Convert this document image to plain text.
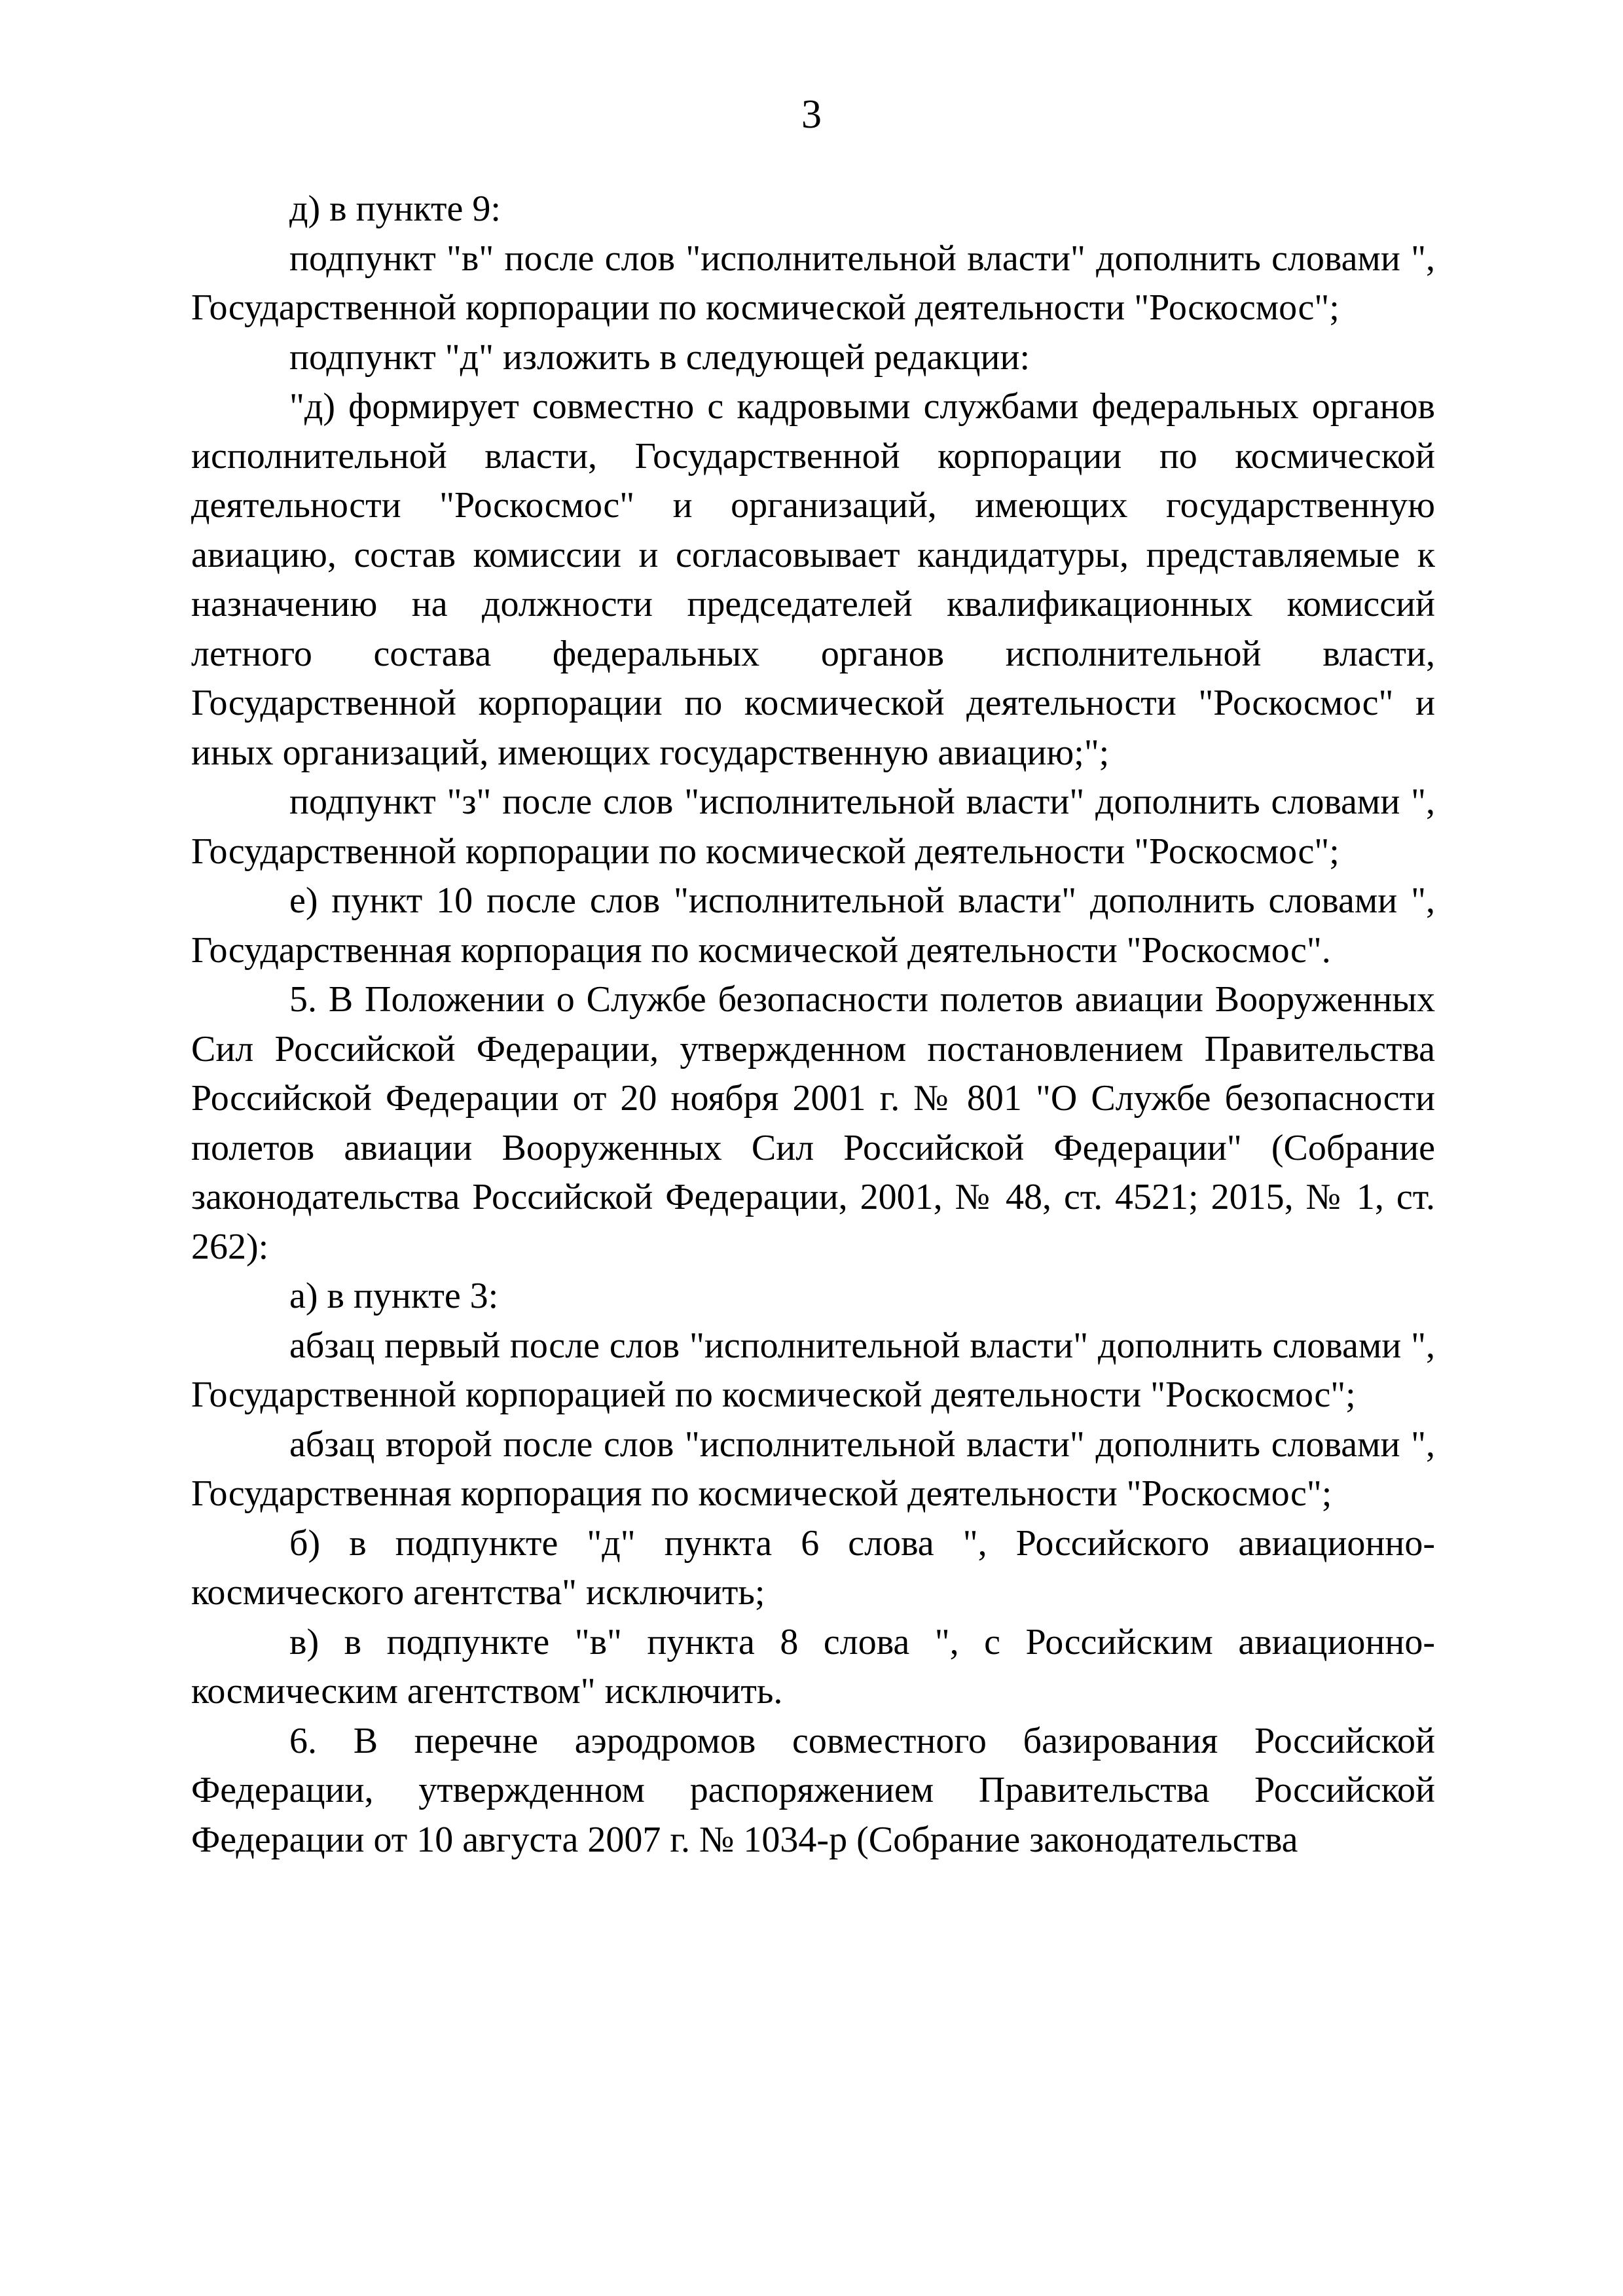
3

д) в пункте 9:

подпункт "в" после слов "исполнительной власти" дополнить словами ", Государственной корпорации по космической деятельности "Роскосмос";

подпункт "д" изложить в следующей редакции:

"д) формирует совместно с кадровыми службами федеральных органов исполнительной власти, Государственной корпорации по космической деятельности "Роскосмос" и организаций, имеющих государственную авиацию, состав комиссии и согласовывает кандидатуры, представляемые к назначению на должности председателей квалификационных комиссий летного состава федеральных органов исполнительной власти, Государственной корпорации по космической деятельности "Роскосмос" и иных организаций, имеющих государственную авиацию;";

подпункт "з" после слов "исполнительной власти" дополнить словами ", Государственной корпорации по космической деятельности "Роскосмос";

е) пункт 10 после слов "исполнительной власти" дополнить словами ", Государственная корпорация по космической деятельности "Роскосмос".

5. В Положении о Службе безопасности полетов авиации Вооруженных Сил Российской Федерации, утвержденном постановлением Правительства Российской Федерации от 20 ноября 2001 г. № 801 "О Службе безопасности полетов авиации Вооруженных Сил Российской Федерации" (Собрание законодательства Российской Федерации, 2001, № 48, ст. 4521; 2015, № 1, ст. 262):

а) в пункте 3:

абзац первый после слов "исполнительной власти" дополнить словами ", Государственной корпорацией по космической деятельности "Роскосмос";

абзац второй после слов "исполнительной власти" дополнить словами ", Государственная корпорация по космической деятельности "Роскосмос";

б) в подпункте "д" пункта 6 слова ", Российского авиационно-космического агентства" исключить;

в) в подпункте "в" пункта 8 слова ", с Российским авиационно-космическим агентством" исключить.

6. В перечне аэродромов совместного базирования Российской Федерации, утвержденном распоряжением Правительства Российской Федерации от 10 августа 2007 г. № 1034-р (Собрание законодательства
